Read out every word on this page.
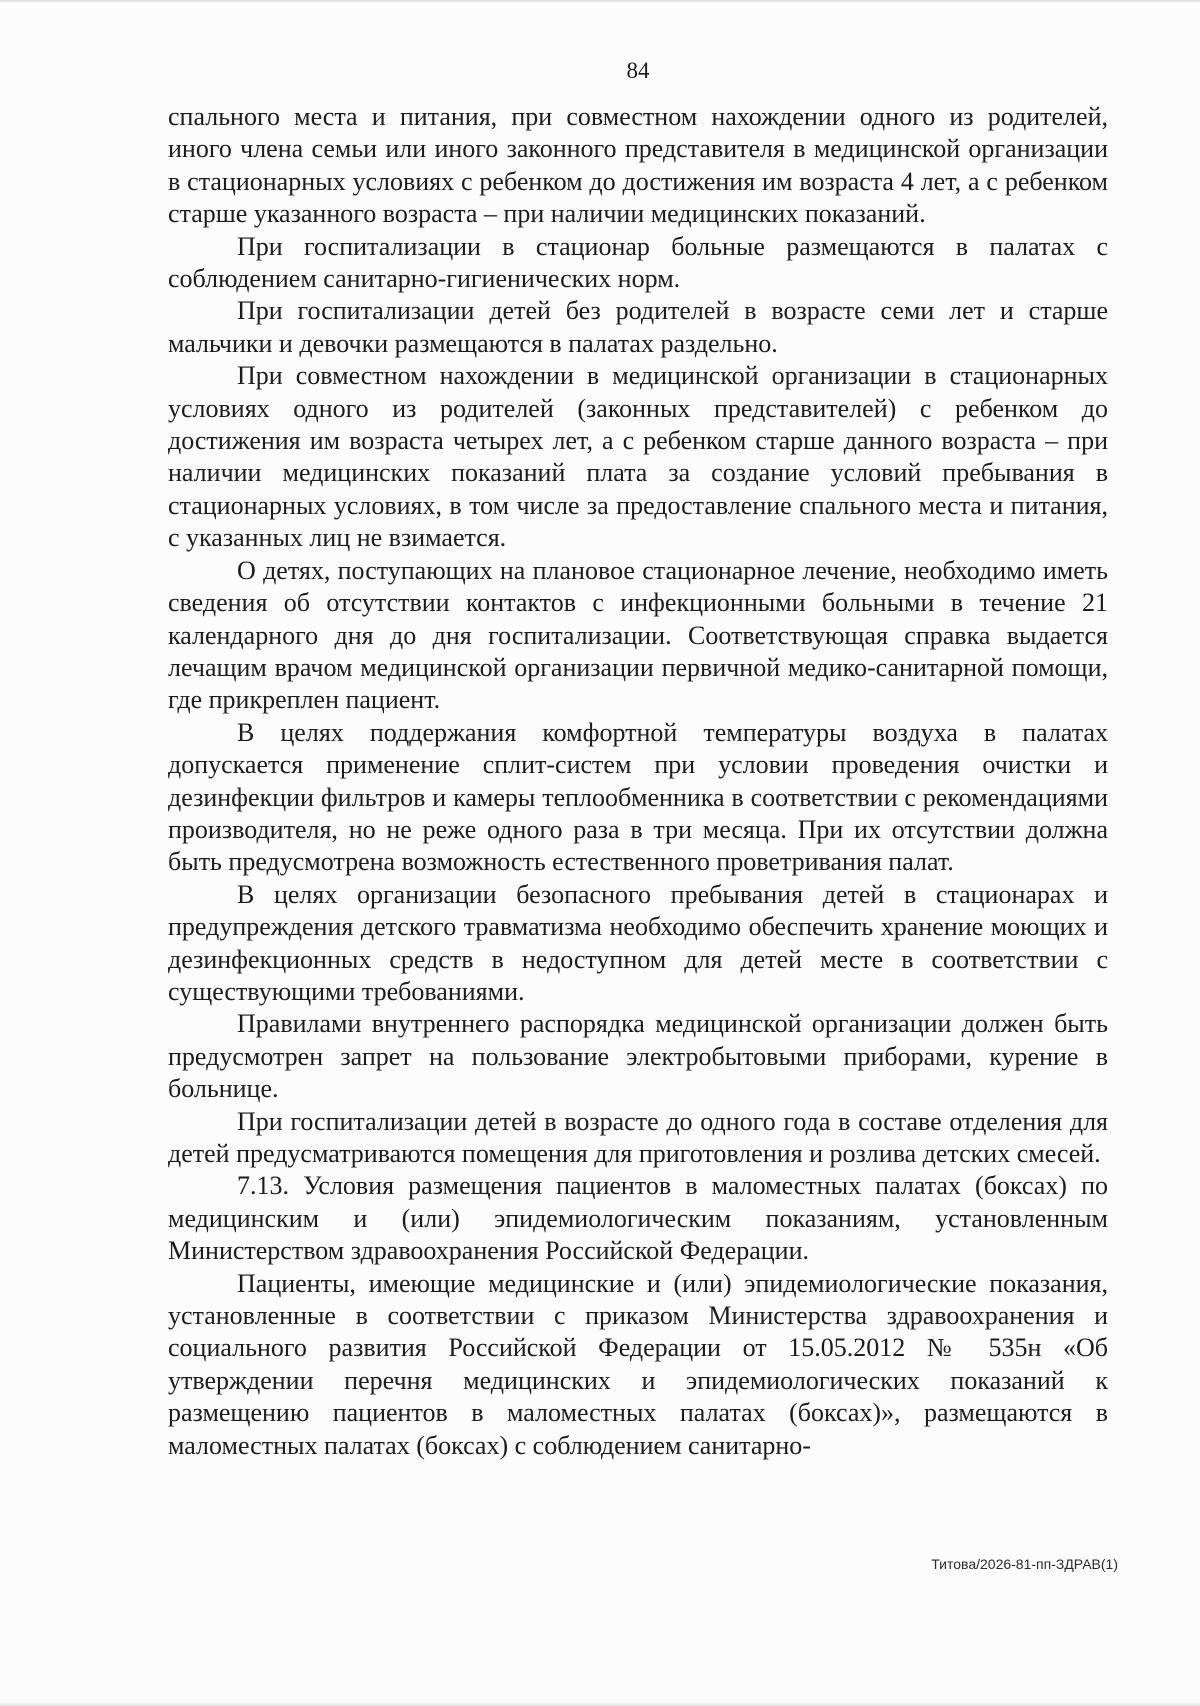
84

спального места и питания, при совместном нахождении одного из родителей, иного члена семьи или иного законного представителя в медицинской организации в стационарных условиях с ребенком до достижения им возраста 4 лет, а с ребенком старше указанного возраста – при наличии медицинских показаний.

При госпитализации в стационар больные размещаются в палатах с соблюдением санитарно-гигиенических норм.

При госпитализации детей без родителей в возрасте семи лет и старше мальчики и девочки размещаются в палатах раздельно.

При совместном нахождении в медицинской организации в стационарных условиях одного из родителей (законных представителей) с ребенком до достижения им возраста четырех лет, а с ребенком старше данного возраста – при наличии медицинских показаний плата за создание условий пребывания в стационарных условиях, в том числе за предоставление спального места и питания, с указанных лиц не взимается.

О детях, поступающих на плановое стационарное лечение, необходимо иметь сведения об отсутствии контактов с инфекционными больными в течение 21 календарного дня до дня госпитализации. Соответствующая справка выдается лечащим врачом медицинской организации первичной медико-санитарной помощи, где прикреплен пациент.

В целях поддержания комфортной температуры воздуха в палатах допускается применение сплит-систем при условии проведения очистки и дезинфекции фильтров и камеры теплообменника в соответствии с рекомендациями производителя, но не реже одного раза в три месяца. При их отсутствии должна быть предусмотрена возможность естественного проветривания палат.

В целях организации безопасного пребывания детей в стационарах и предупреждения детского травматизма необходимо обеспечить хранение моющих и дезинфекционных средств в недоступном для детей месте в соответствии с существующими требованиями.

Правилами внутреннего распорядка медицинской организации должен быть предусмотрен запрет на пользование электробытовыми приборами, курение в больнице.

При госпитализации детей в возрасте до одного года в составе отделения для детей предусматриваются помещения для приготовления и розлива детских смесей.

7.13. Условия размещения пациентов в маломестных палатах (боксах) по медицинским и (или) эпидемиологическим показаниям, установленным Министерством здравоохранения Российской Федерации.

Пациенты, имеющие медицинские и (или) эпидемиологические показания, установленные в соответствии с приказом Министерства здравоохранения и социального развития Российской Федерации от 15.05.2012 № 535н «Об утверждении перечня медицинских и эпидемиологических показаний к размещению пациентов в маломестных палатах (боксах)», размещаются в маломестных палатах (боксах) с соблюдением санитарно-

Титова/2026-81-пп-ЗДРАВ(1)
